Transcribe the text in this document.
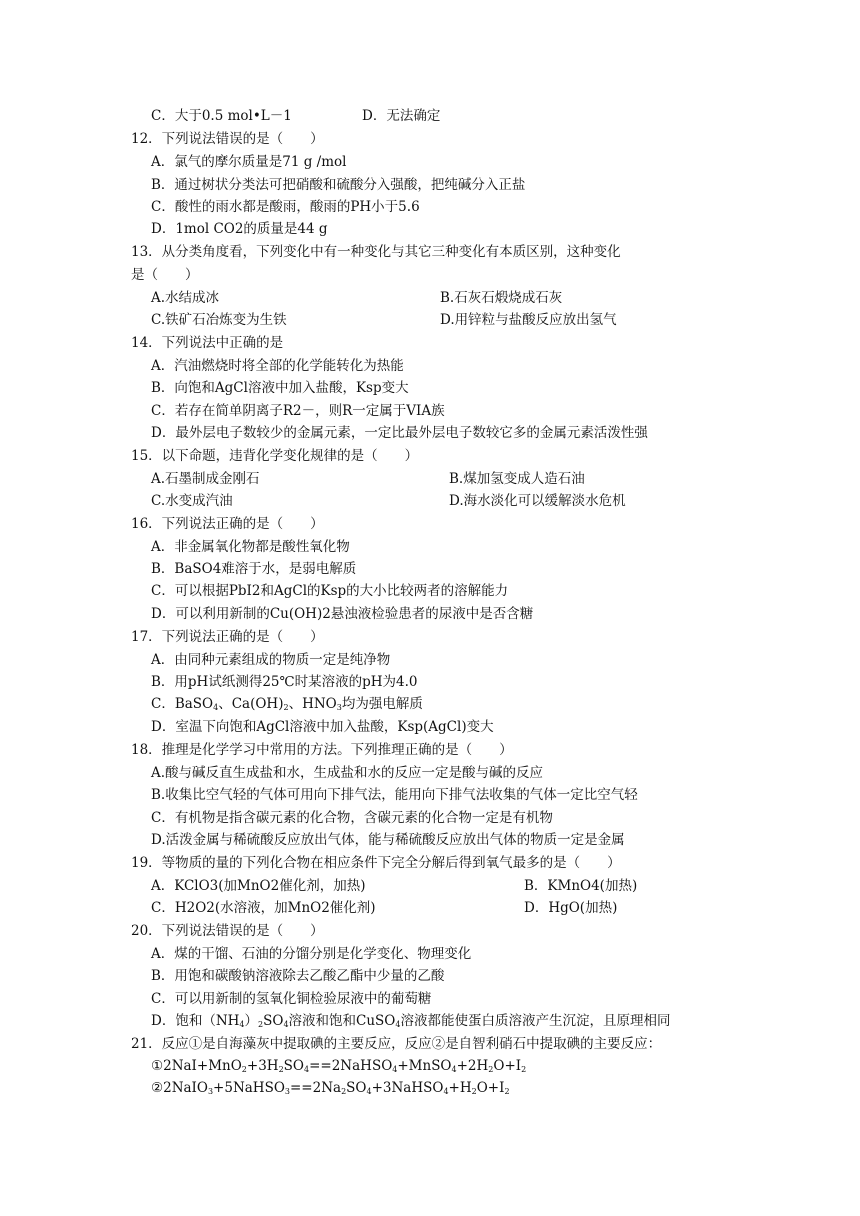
C．大于0.5 mol•L－1	D．无法确定
12．下列说法错误的是（　　）
A．氯气的摩尔质量是71 g /mol
B．通过树状分类法可把硝酸和硫酸分入强酸，把纯碱分入正盐
C．酸性的雨水都是酸雨，酸雨的PH小于5.6
D．1mol CO2的质量是44 g
13．从分类角度看，下列变化中有一种变化与其它三种变化有本质区别，这种变化
是（　　）
A.水结成冰	B.石灰石煅烧成石灰
C.铁矿石冶炼变为生铁	D.用锌粒与盐酸反应放出氢气
14．下列说法中正确的是
A．汽油燃烧时将全部的化学能转化为热能
B．向饱和AgCl溶液中加入盐酸，Ksp变大
C．若存在简单阴离子R2－，则R一定属于VIA族
D．最外层电子数较少的金属元素，一定比最外层电子数较它多的金属元素活泼性强
15．以下命题，违背化学变化规律的是（　　）
A.石墨制成金刚石	B.煤加氢变成人造石油
C.水变成汽油	D.海水淡化可以缓解淡水危机
16．下列说法正确的是（　　）
A．非金属氧化物都是酸性氧化物
B．BaSO4难溶于水，是弱电解质
C．可以根据PbI2和AgCl的Ksp的大小比较两者的溶解能力
D．可以利用新制的Cu(OH)2悬浊液检验患者的尿液中是否含糖
17．下列说法正确的是（　　）
A．由同种元素组成的物质一定是纯净物
B．用pH试纸测得25℃时某溶液的pH为4.0
C．BaSO$_4$、$Ca(OH)_2$、$HNO_3$均为强电解质
D．室温下向饱和AgCl溶液中加入盐酸，Ksp(AgCl)变大
18．推理是化学学习中常用的方法。下列推理正确的是（　　）
A.酸与碱反直生成盐和水，生成盐和水的反应一定是酸与碱的反应
B.收集比空气轻的气体可用向下排气法，能用向下排气法收集的气体一定比空气轻
C．有机物是指含碳元素的化合物，含碳元素的化合物一定是有机物
D.活泼金属与稀硫酸反应放出气体，能与稀硫酸反应放出气体的物质一定是金属
19．等物质的量的下列化合物在相应条件下完全分解后得到氧气最多的是（　　）
A．KClO3(加MnO2催化剂，加热)	B．KMnO4(加热)
C．H2O2(水溶液，加MnO2催化剂)	D．HgO(加热)
20．下列说法错误的是（　　）
A．煤的干馏、石油的分馏分别是化学变化、物理变化
B．用饱和碳酸钠溶液除去乙酸乙酯中少量的乙酸
C．可以用新制的氢氧化铜检验尿液中的葡萄糖
D．饱和$(NH_4)_2SO_4$溶液和饱和CuSO$_4$溶液都能使蛋白质溶液产生沉淀，且原理相同
21．反应①是自海藻灰中提取碘的主要反应，反应②是自智利硝石中提取碘的主要反应：
$①2NaI+MnO_2+3H_2SO_4==2NaHSO_4+MnSO_4+2H_2O+I_2$
$②2NaIO_3+5NaHSO_3==2Na_2SO_4+3NaHSO_4+H_2O+I_2$
